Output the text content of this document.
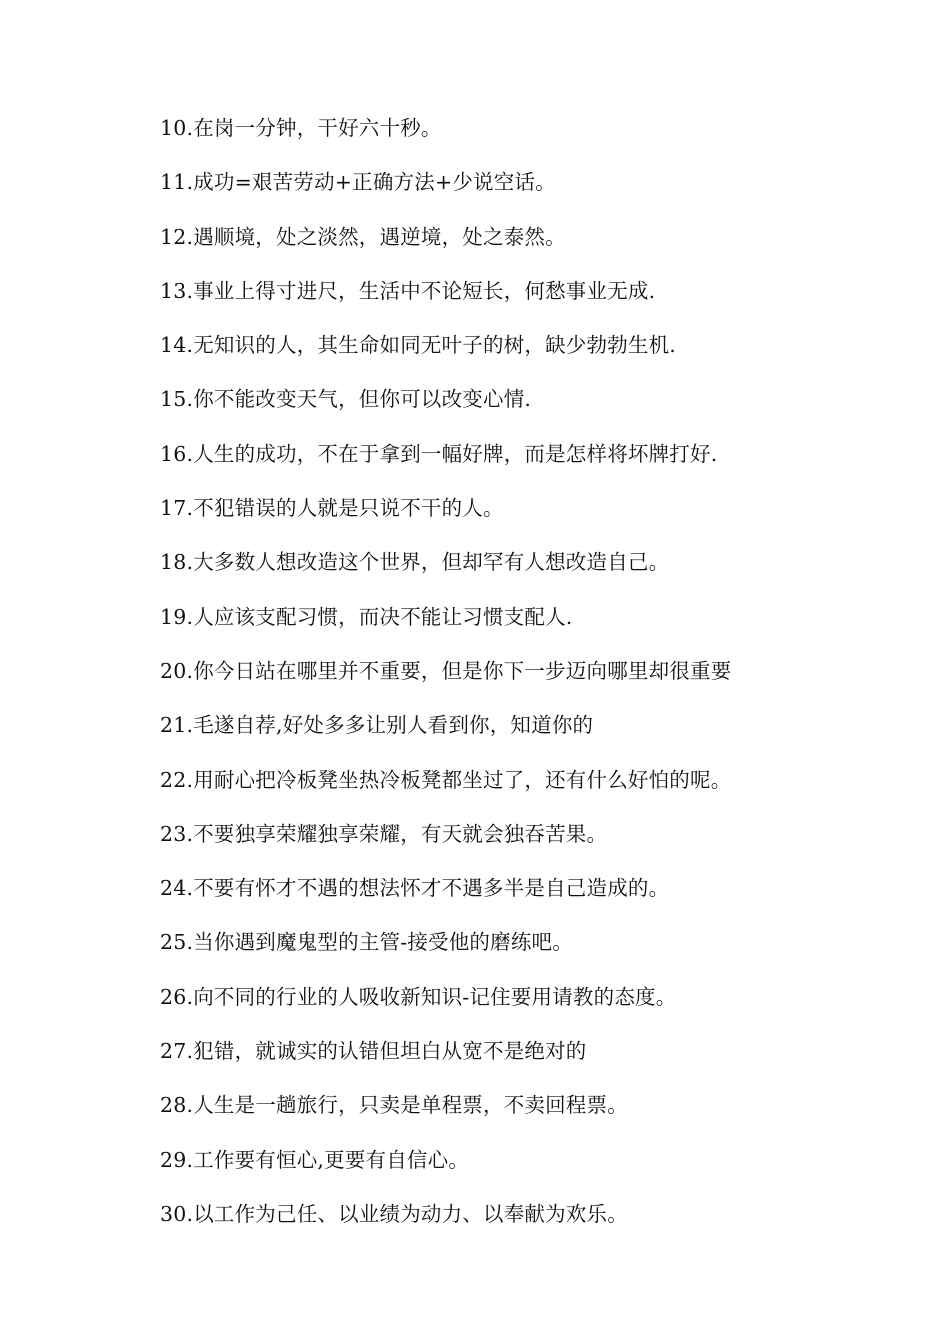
10.在岗一分钟，干好六十秒。
11.成功=艰苦劳动+正确方法+少说空话。
12.遇顺境，处之淡然，遇逆境，处之泰然。
13.事业上得寸进尺，生活中不论短长，何愁事业无成.
14.无知识的人，其生命如同无叶子的树，缺少勃勃生机.
15.你不能改变天气，但你可以改变心情.
16.人生的成功，不在于拿到一幅好牌，而是怎样将坏牌打好.
17.不犯错误的人就是只说不干的人。
18.大多数人想改造这个世界，但却罕有人想改造自己。
19.人应该支配习惯，而决不能让习惯支配人.
20.你今日站在哪里并不重要，但是你下一步迈向哪里却很重要
21.毛遂自荐,好处多多让别人看到你，知道你的
22.用耐心把冷板凳坐热冷板凳都坐过了，还有什么好怕的呢。
23.不要独享荣耀独享荣耀，有天就会独吞苦果。
24.不要有怀才不遇的想法怀才不遇多半是自己造成的。
25.当你遇到魔鬼型的主管-接受他的磨练吧。
26.向不同的行业的人吸收新知识-记住要用请教的态度。
27.犯错，就诚实的认错但坦白从宽不是绝对的
28.人生是一趟旅行，只卖是单程票，不卖回程票。
29.工作要有恒心,更要有自信心。
30.以工作为己任、以业绩为动力、以奉献为欢乐。
